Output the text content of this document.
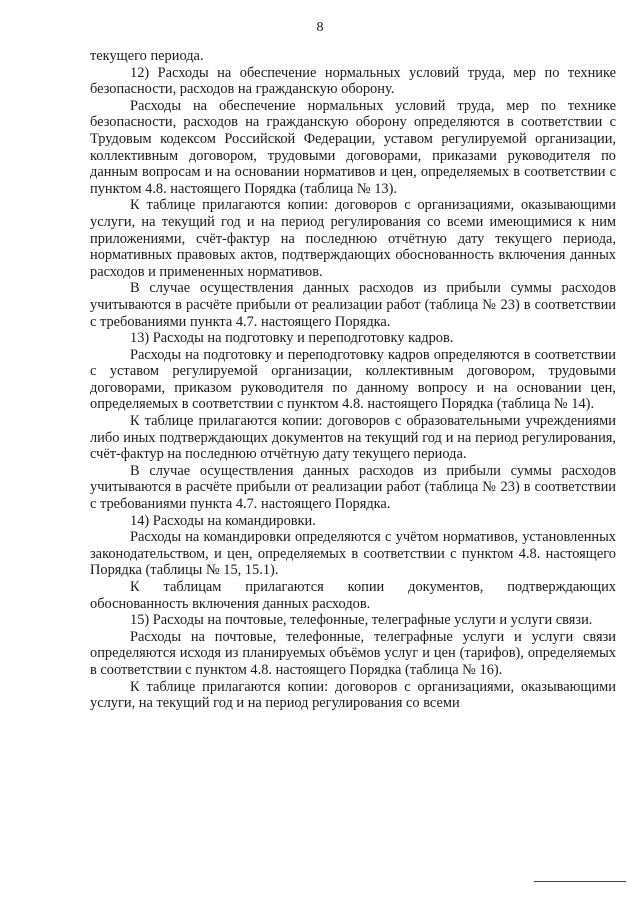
8

текущего периода.

12) Расходы на обеспечение нормальных условий труда, мер по технике безопасности, расходов на гражданскую оборону.

Расходы на обеспечение нормальных условий труда, мер по технике безопасности, расходов на гражданскую оборону определяются в соответствии с Трудовым кодексом Российской Федерации, уставом регулируемой организации, коллективным договором, трудовыми договорами, приказами руководителя по данным вопросам и на основании нормативов и цен, определяемых в соответствии с пунктом 4.8. настоящего Порядка (таблица № 13).

К таблице прилагаются копии: договоров с организациями, оказывающими услуги, на текущий год и на период регулирования со всеми имеющимися к ним приложениями, счёт-фактур на последнюю отчётную дату текущего периода, нормативных правовых актов, подтверждающих обоснованность включения данных расходов и примененных нормативов.

В случае осуществления данных расходов из прибыли суммы расходов учитываются в расчёте прибыли от реализации работ (таблица № 23) в соответствии с требованиями пункта 4.7. настоящего Порядка.

13) Расходы на подготовку и переподготовку кадров.

Расходы на подготовку и переподготовку кадров определяются в соответствии с уставом регулируемой организации, коллективным договором, трудовыми договорами, приказом руководителя по данному вопросу и на основании цен, определяемых в соответствии с пунктом 4.8. настоящего Порядка (таблица № 14).

К таблице прилагаются копии: договоров с образовательными учреждениями либо иных подтверждающих документов на текущий год и на период регулирования, счёт-фактур на последнюю отчётную дату текущего периода.

В случае осуществления данных расходов из прибыли суммы расходов учитываются в расчёте прибыли от реализации работ (таблица № 23) в соответствии с требованиями пункта 4.7. настоящего Порядка.

14) Расходы на командировки.

Расходы на командировки определяются с учётом нормативов, установленных законодательством, и цен, определяемых в соответствии с пунктом 4.8. настоящего Порядка (таблицы № 15, 15.1).

К таблицам прилагаются копии документов, подтверждающих обоснованность включения данных расходов.

15) Расходы на почтовые, телефонные, телеграфные услуги и услуги связи.

Расходы на почтовые, телефонные, телеграфные услуги и услуги связи определяются исходя из планируемых объёмов услуг и цен (тарифов), определяемых в соответствии с пунктом 4.8. настоящего Порядка (таблица № 16).

К таблице прилагаются копии: договоров с организациями, оказывающими услуги, на текущий год и на период регулирования со всеми
